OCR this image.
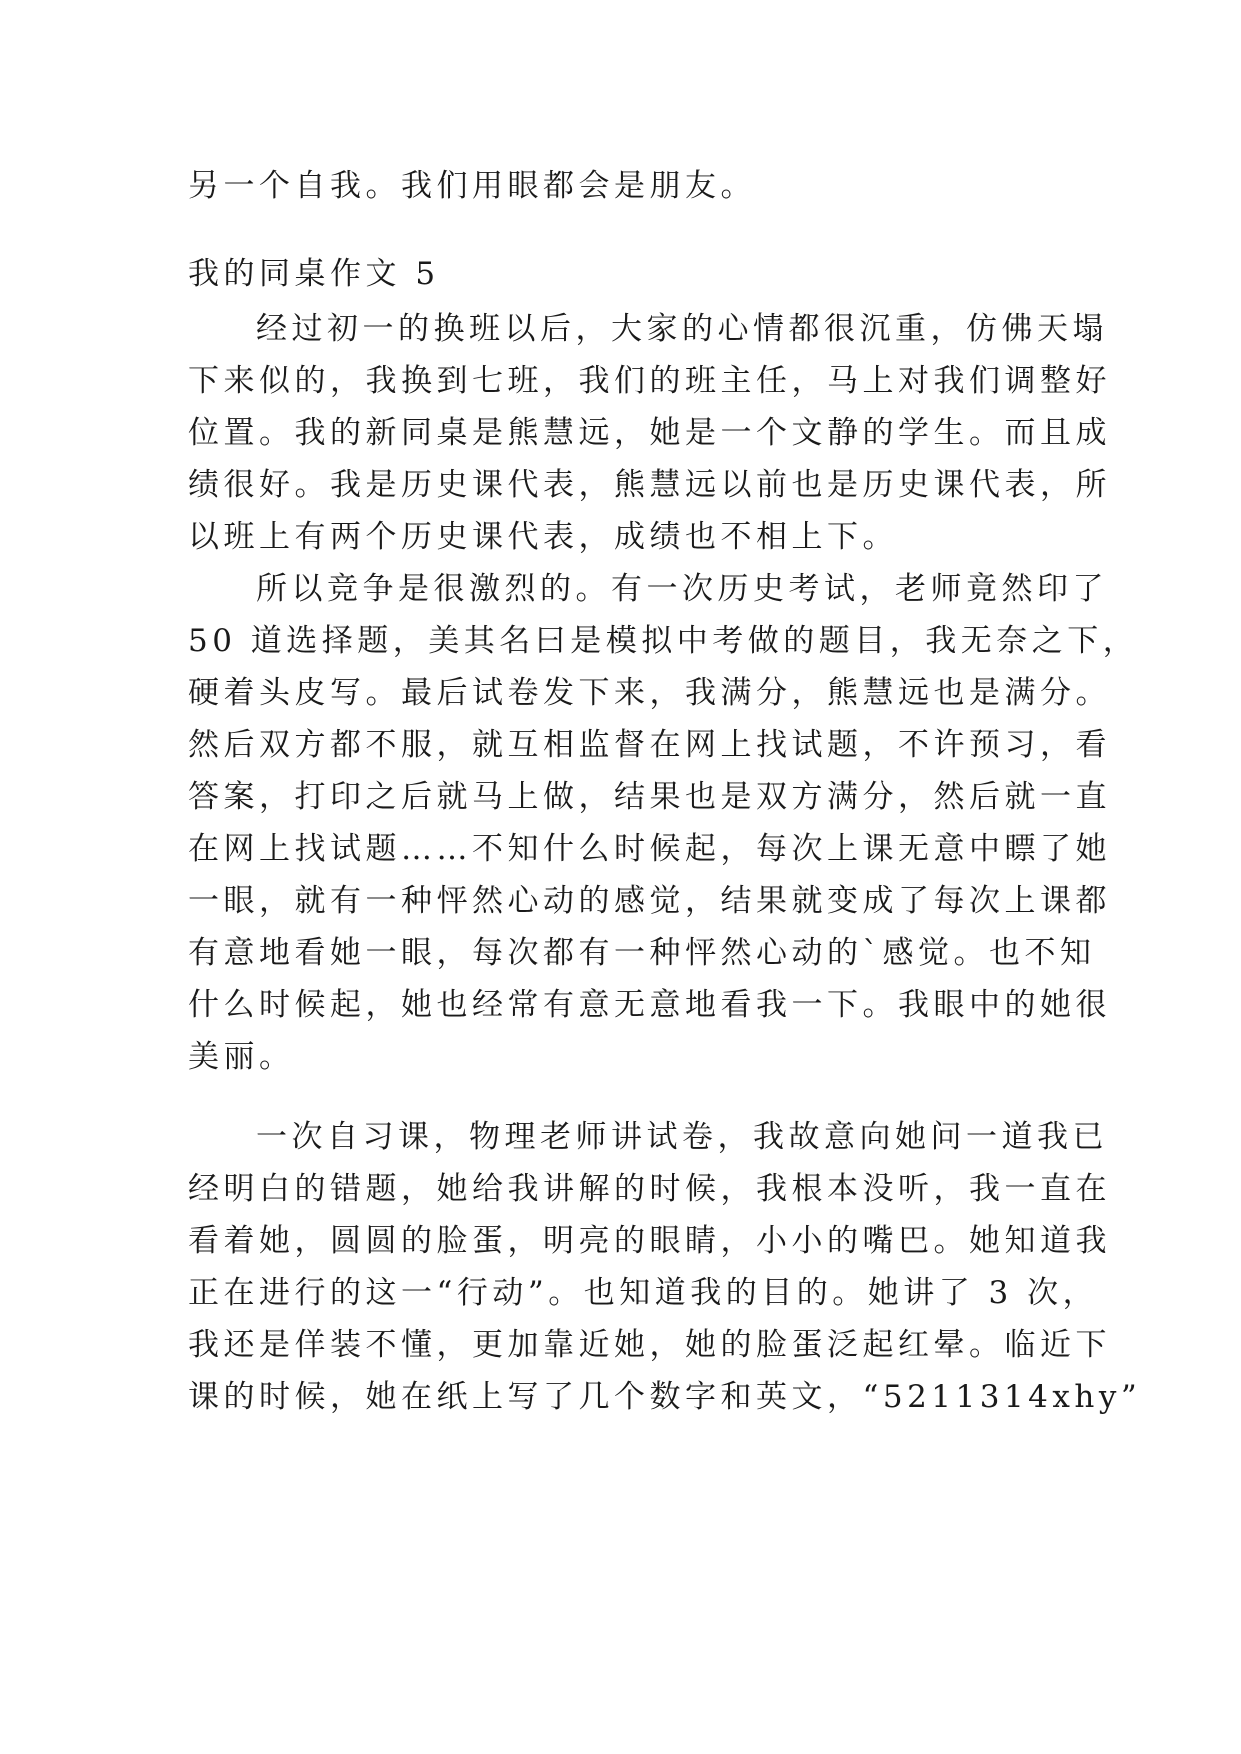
另一个自我。我们用眼都会是朋友。
我的同桌作文 5
经过初一的换班以后，大家的心情都很沉重，仿佛天塌
下来似的，我换到七班，我们的班主任，马上对我们调整好
位置。我的新同桌是熊慧远，她是一个文静的学生。而且成
绩很好。我是历史课代表，熊慧远以前也是历史课代表，所
以班上有两个历史课代表，成绩也不相上下。
所以竞争是很激烈的。有一次历史考试，老师竟然印了
50 道选择题，美其名曰是模拟中考做的题目，我无奈之下，
硬着头皮写。最后试卷发下来，我满分，熊慧远也是满分。
然后双方都不服，就互相监督在网上找试题，不许预习，看
答案，打印之后就马上做，结果也是双方满分，然后就一直
在网上找试题……不知什么时候起，每次上课无意中瞟了她
一眼，就有一种怦然心动的感觉，结果就变成了每次上课都
有意地看她一眼，每次都有一种怦然心动的`感觉。也不知
什么时候起，她也经常有意无意地看我一下。我眼中的她很
美丽。
一次自习课，物理老师讲试卷，我故意向她问一道我已
经明白的错题，她给我讲解的时候，我根本没听，我一直在
看着她，圆圆的脸蛋，明亮的眼睛，小小的嘴巴。她知道我
正在进行的这一“行动”。也知道我的目的。她讲了 3 次，
我还是佯装不懂，更加靠近她，她的脸蛋泛起红晕。临近下
课的时候，她在纸上写了几个数字和英文，“5211314xhy”
